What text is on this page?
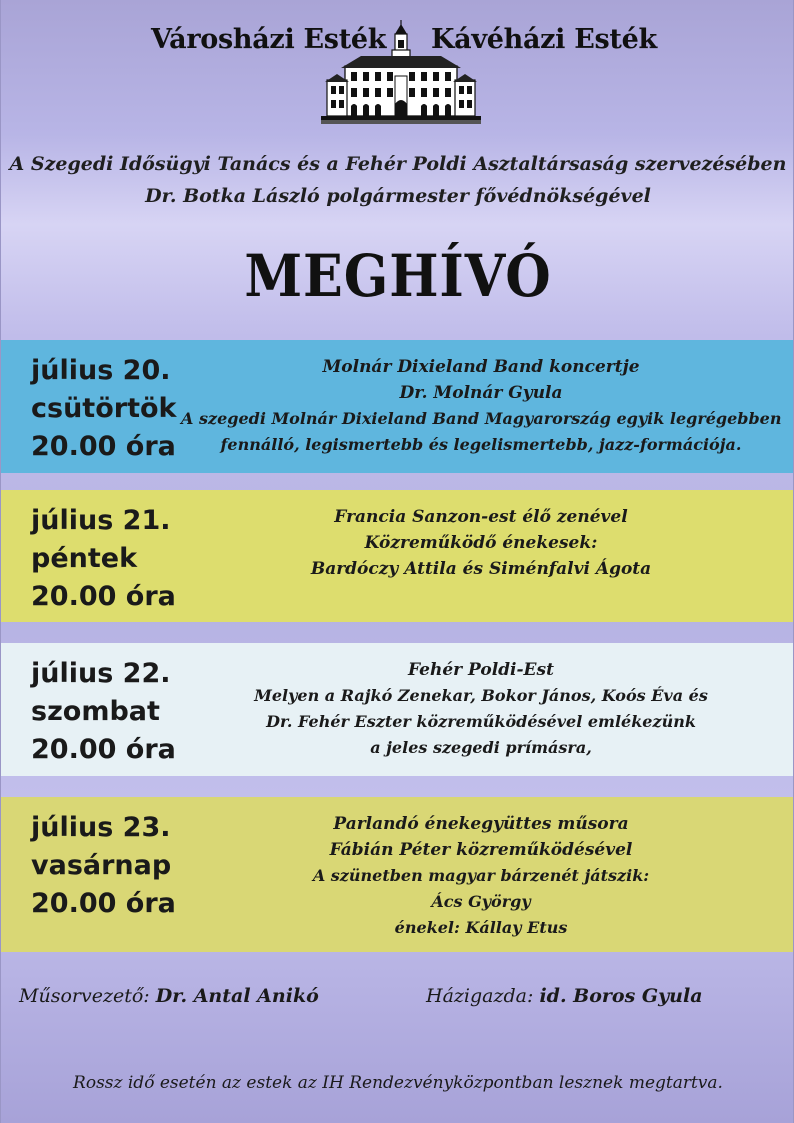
Városházi Esték Kávéházi Esték
A Szegedi Idősügyi Tanács és a Fehér Poldi Asztaltársaság szervezésében
Dr. Botka László polgármester fővédnökségével
MEGHÍVÓ
július 20.
csütörtök
20.00 óra
Molnár Dixieland Band koncertje
Dr. Molnár Gyula
A szegedi Molnár Dixieland Band Magyarország egyik legrégebben
fennálló, legismertebb és legelismertebb, jazz-formációja.
július 21.
péntek
20.00 óra
Francia Sanzon-est élő zenével
Közreműködő énekesek:
Bardóczy Attila és Siménfalvi Ágota
július 22.
szombat
20.00 óra
Fehér Poldi-Est
Melyen a Rajkó Zenekar, Bokor János, Koós Éva és
Dr. Fehér Eszter közreműködésével emlékezünk
a jeles szegedi prímásra,
július 23.
vasárnap
20.00 óra
Parlandó énekegyüttes műsora
Fábián Péter közreműködésével
A szünetben magyar bárzenét játszik:
Ács György
énekel: Kállay Etus
Műsorvezető: Dr. Antal Anikó	Házigazda: id. Boros Gyula
Rossz idő esetén az estek az IH Rendezvényközpontban lesznek megtartva.
